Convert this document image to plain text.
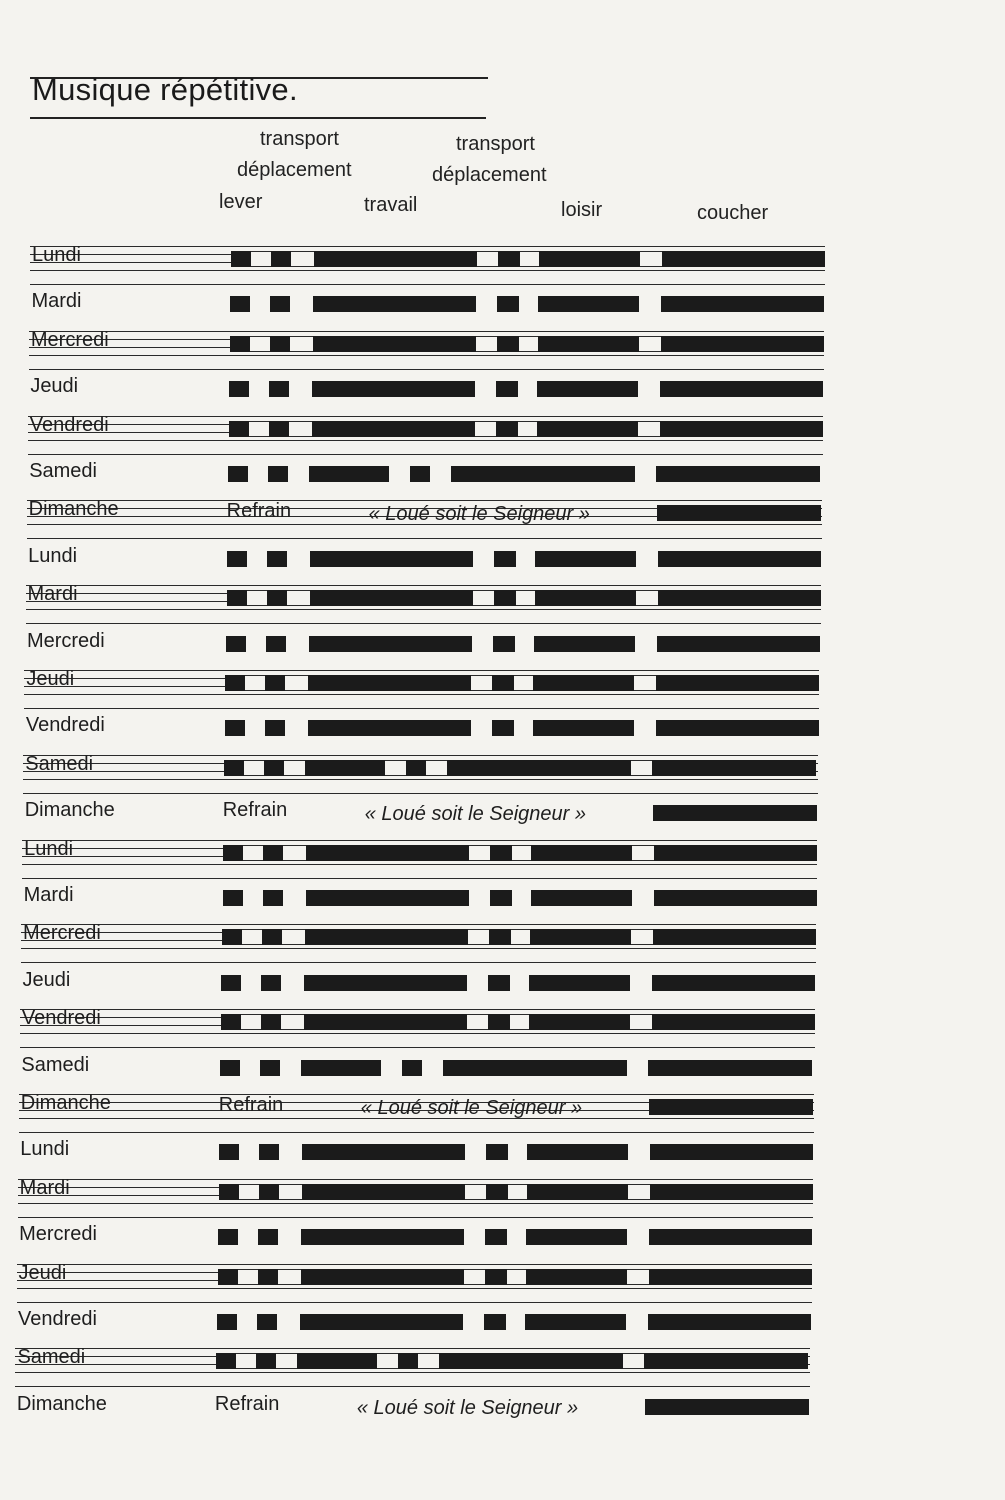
Musique répétitive.
transport
déplacement
lever	travail
transport
déplacement
loisir	coucher
Lundi
Mardi
Mercredi
Jeudi
Vendredi
Samedi
Dimanche	Refrain	« Loué soit le Seigneur »
Lundi
Mardi
Mercredi
Jeudi
Vendredi
Samedi
Dimanche	Refrain	« Loué soit le Seigneur »
Lundi
Mardi
Mercredi
Jeudi
Vendredi
Samedi
Dimanche	Refrain	« Loué soit le Seigneur »
Lundi
Mardi
Mercredi
Jeudi
Vendredi
Samedi
Dimanche	Refrain	« Loué soit le Seigneur »
